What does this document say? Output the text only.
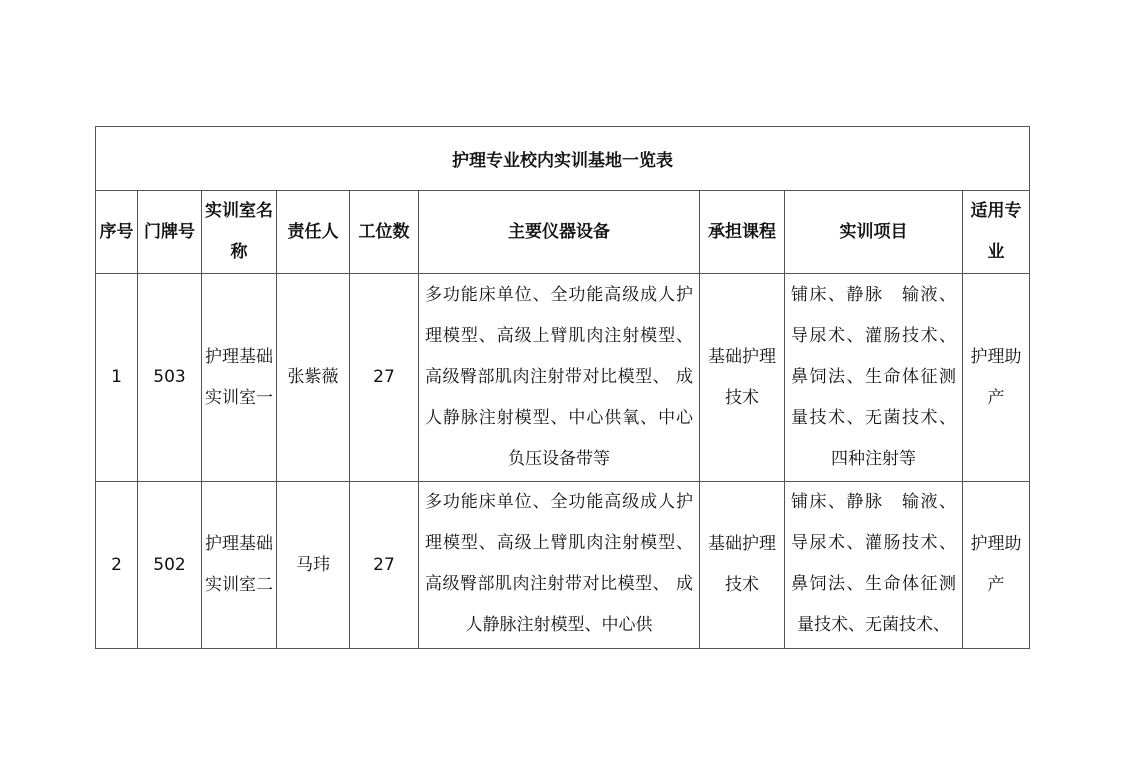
护理专业校内实训基地一览表								
序号	门牌号	实训室名称	责任人	工位数	主要仪器设备	承担课程	实训项目	适用专业
1	503	护理基础实训室一	张紫薇	27	多功能床单位、全功能高级成人护理模型、高级上臂肌肉注射模型、 高级臀部肌肉注射带对比模型、 成人静脉注射模型、中心供氧、中心负压设备带等	基础护理技术	铺床、静脉　输液、导尿术、灌肠技术、鼻饲法、生命体征测量技术、无菌技术、四种注射等	护理助产
2	502	护理基础实训室二	马玮	27	多功能床单位、全功能高级成人护理模型、高级上臂肌肉注射模型、 高级臀部肌肉注射带对比模型、 成人静脉注射模型、中心供	基础护理技术	铺床、静脉　输液、导尿术、灌肠技术、鼻饲法、生命体征测量技术、无菌技术、	护理助产
